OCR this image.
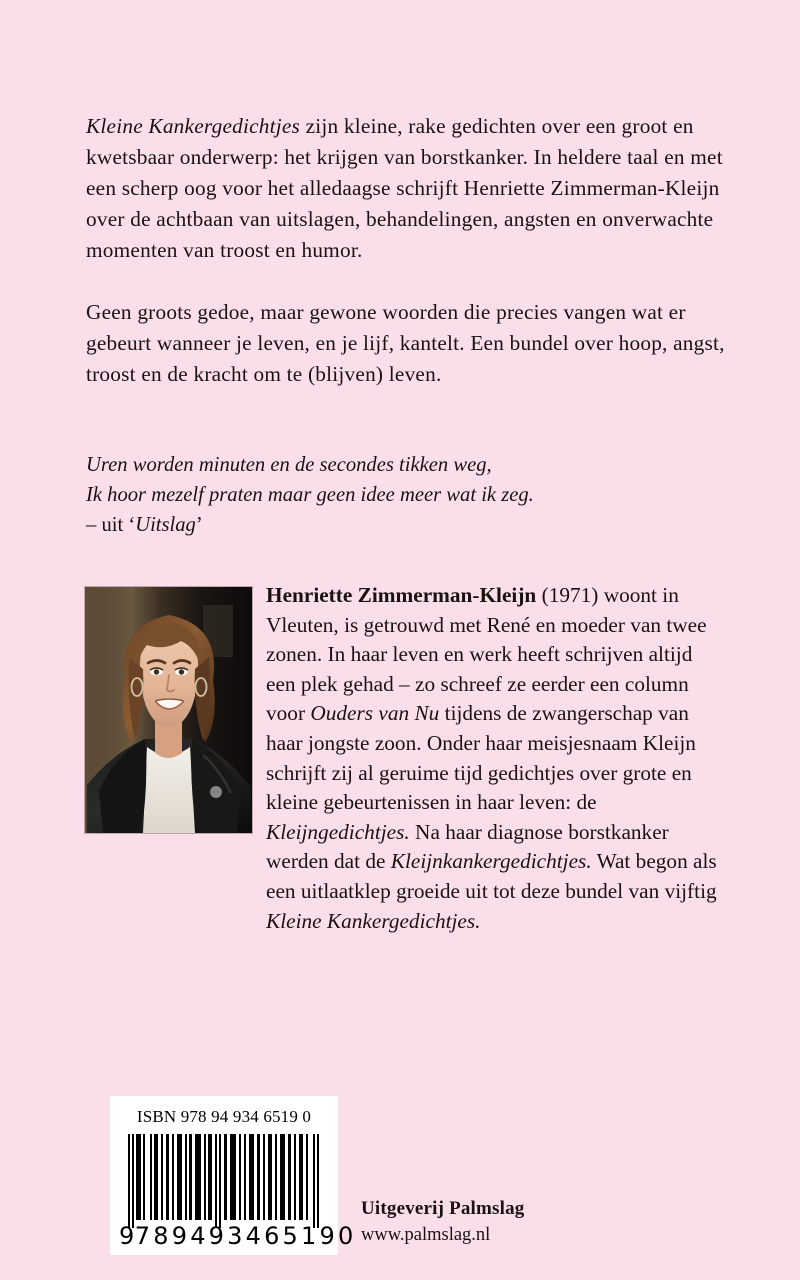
Kleine Kankergedichtjes zijn kleine, rake gedichten over een groot en kwetsbaar onderwerp: het krijgen van borstkanker. In heldere taal en met een scherp oog voor het alledaagse schrijft Henriette Zimmerman-Kleijn over de achtbaan van uitslagen, behandelingen, angsten en onverwachte momenten van troost en humor.

Geen groots gedoe, maar gewone woorden die precies vangen wat er gebeurt wanneer je leven, en je lijf, kantelt. Een bundel over hoop, angst, troost en de kracht om te (blijven) leven.

Uren worden minuten en de secondes tikken weg,
Ik hoor mezelf praten maar geen idee meer wat ik zeg.
– uit ‘Uitslag’
Henriette Zimmerman-Kleijn (1971) woont in Vleuten, is getrouwd met René en moeder van twee zonen. In haar leven en werk heeft schrijven altijd een plek gehad – zo schreef ze eerder een column voor Ouders van Nu tijdens de zwangerschap van haar jongste zoon. Onder haar meisjesnaam Kleijn schrijft zij al geruime tijd gedichtjes over grote en kleine gebeurtenissen in haar leven: de Kleijngedichtjes. Na haar diagnose borstkanker werden dat de Kleijnkankergedichtjes. Wat begon als een uitlaatklep groeide uit tot deze bundel van vijftig Kleine Kankergedichtjes.
ISBN 978 94 934 6519 0
9 789493 465190
Uitgeverij Palmslag
www.palmslag.nl
